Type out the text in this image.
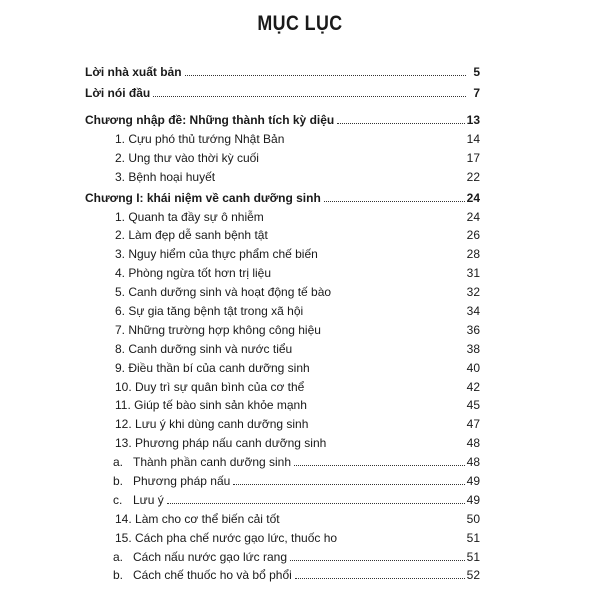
MỤC LỤC
Lời nhà xuất bản	5
Lời nói đầu	7
Chương nhập đề: Những thành tích kỳ diệu	13
1. Cựu phó thủ tướng Nhật Bản	14
2. Ung thư vào thời kỳ cuối	17
3. Bệnh hoại huyết	22
Chương I: khái niệm về canh dưỡng sinh	24
1. Quanh ta đầy sự ô nhiễm	24
2. Làm đẹp dễ sanh bệnh tật	26
3. Nguy hiểm của thực phẩm chế biến	28
4. Phòng ngừa tốt hơn trị liệu	31
5. Canh dưỡng sinh và hoạt động tế bào	32
6. Sự gia tăng bệnh tật trong xã hội	34
7. Những trường hợp không công hiệu	36
8. Canh dưỡng sinh và nước tiểu	38
9. Điều thần bí của canh dưỡng sinh	40
10. Duy trì sự quân bình của cơ thể	42
11. Giúp tế bào sinh sản khỏe mạnh	45
12. Lưu ý khi dùng canh dưỡng sinh	47
13. Phương pháp nấu canh dưỡng sinh	48
a. Thành phần canh dưỡng sinh	48
b. Phương pháp nấu	49
c. Lưu ý	49
14. Làm cho cơ thể biến cải tốt	50
15. Cách pha chế nước gạo lức, thuốc ho	51
a. Cách nấu nước gạo lức rang	51
b. Cách chế thuốc ho và bổ phổi	52
